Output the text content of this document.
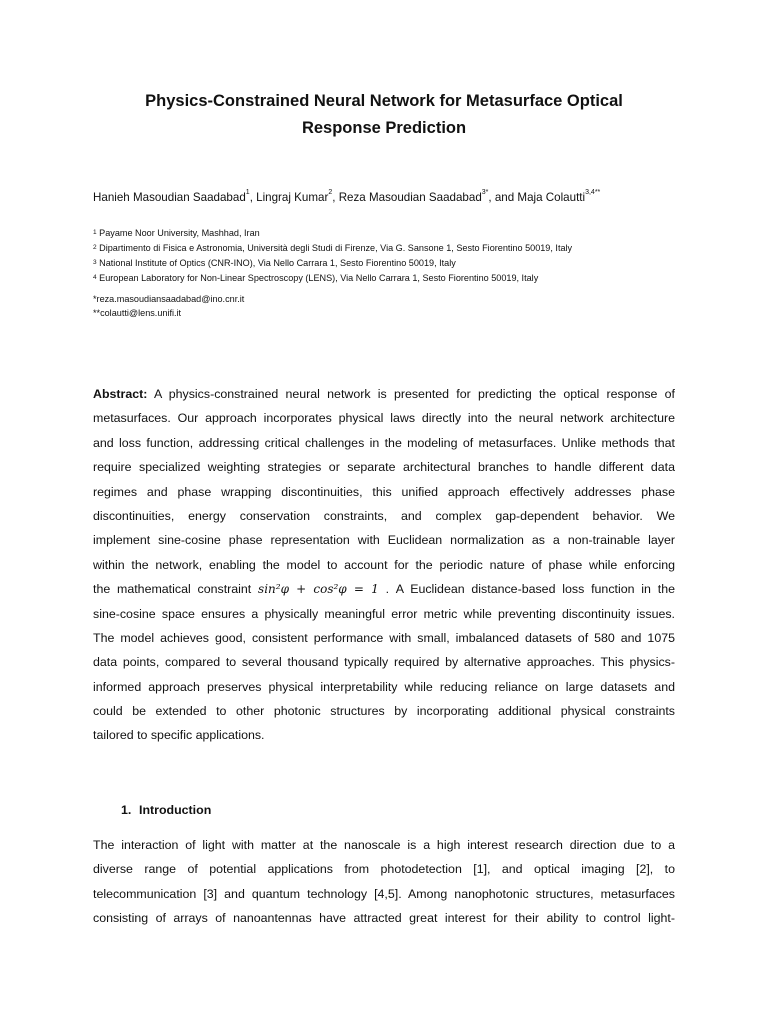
Physics-Constrained Neural Network for Metasurface Optical
Response Prediction
Hanieh Masoudian Saadabad$^1$, Lingraj Kumar$^2$, Reza Masoudian Saadabad$^{3*}$, and Maja Colautti$^{3,4**}$
$^1$ Payame Noor University, Mashhad, Iran
$^2$ Dipartimento di Fisica e Astronomia, Università degli Studi di Firenze, Via G. Sansone 1, Sesto Fiorentino 50019, Italy
$^3$ National Institute of Optics (CNR-INO), Via Nello Carrara 1, Sesto Fiorentino 50019, Italy
$^4$ European Laboratory for Non-Linear Spectroscopy (LENS), Via Nello Carrara 1, Sesto Fiorentino 50019, Italy
*reza.masoudiansaadabad@ino.cnr.it
**colautti@lens.unifi.it
Abstract: A physics-constrained neural network is presented for predicting the optical response of
metasurfaces. Our approach incorporates physical laws directly into the neural network architecture
and loss function, addressing critical challenges in the modeling of metasurfaces. Unlike methods that
require specialized weighting strategies or separate architectural branches to handle different data
regimes and phase wrapping discontinuities, this unified approach effectively addresses phase
discontinuities, energy conservation constraints, and complex gap-dependent behavior. We
implement sine-cosine phase representation with Euclidean normalization as a non-trainable layer
within the network, enabling the model to account for the periodic nature of phase while enforcing
the mathematical constraint sin²φ + cos²φ = 1 . A Euclidean distance-based loss function in the
sine-cosine space ensures a physically meaningful error metric while preventing discontinuity issues.
The model achieves good, consistent performance with small, imbalanced datasets of 580 and 1075
data points, compared to several thousand typically required by alternative approaches. This physics-
informed approach preserves physical interpretability while reducing reliance on large datasets and
could be extended to other photonic structures by incorporating additional physical constraints
tailored to specific applications.
1. Introduction
The interaction of light with matter at the nanoscale is a high interest research direction due to a
diverse range of potential applications from photodetection [1], and optical imaging [2], to
telecommunication [3] and quantum technology [4,5]. Among nanophotonic structures, metasurfaces
consisting of arrays of nanoantennas have attracted great interest for their ability to control light-
